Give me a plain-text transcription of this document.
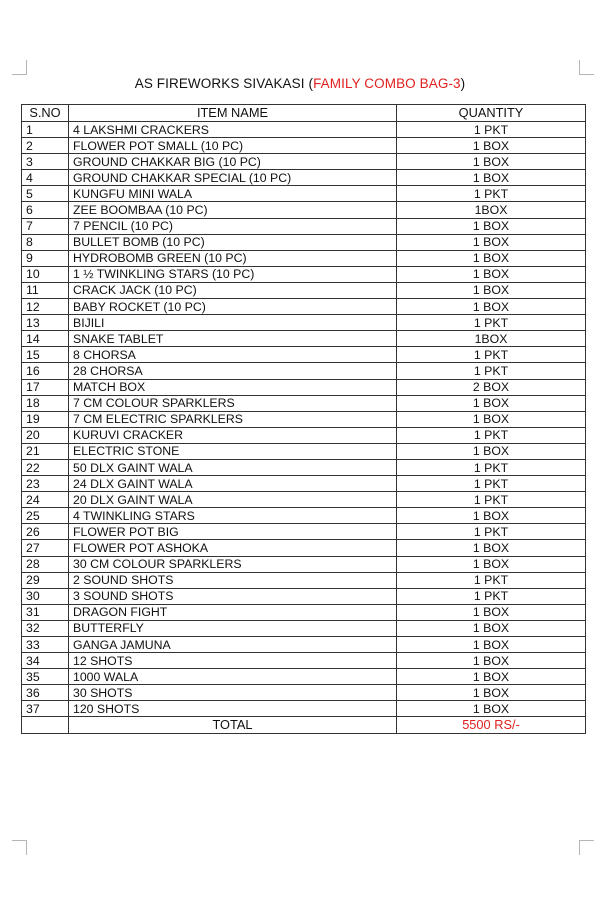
AS FIREWORKS SIVAKASI (FAMILY COMBO BAG-3)
S.NO	ITEM NAME	QUANTITY
1	4 LAKSHMI CRACKERS	1 PKT
2	FLOWER POT SMALL (10 PC)	1 BOX
3	GROUND CHAKKAR BIG (10 PC)	1 BOX
4	GROUND CHAKKAR SPECIAL (10 PC)	1 BOX
5	KUNGFU MINI WALA	1 PKT
6	ZEE BOOMBAA (10 PC)	1BOX
7	7 PENCIL (10 PC)	1 BOX
8	BULLET BOMB (10 PC)	1 BOX
9	HYDROBOMB GREEN (10 PC)	1 BOX
10	1 ½ TWINKLING STARS (10 PC)	1 BOX
11	CRACK JACK (10 PC)	1 BOX
12	BABY ROCKET (10 PC)	1 BOX
13	BIJILI	1 PKT
14	SNAKE TABLET	1BOX
15	8 CHORSA	1 PKT
16	28 CHORSA	1 PKT
17	MATCH BOX	2 BOX
18	7 CM COLOUR SPARKLERS	1 BOX
19	7 CM ELECTRIC SPARKLERS	1 BOX
20	KURUVI CRACKER	1 PKT
21	ELECTRIC STONE	1 BOX
22	50 DLX GAINT WALA	1 PKT
23	24 DLX GAINT WALA	1 PKT
24	20 DLX GAINT WALA	1 PKT
25	4 TWINKLING STARS	1 BOX
26	FLOWER POT BIG	1 PKT
27	FLOWER POT ASHOKA	1 BOX
28	30 CM COLOUR SPARKLERS	1 BOX
29	2 SOUND SHOTS	1 PKT
30	3 SOUND SHOTS	1 PKT
31	DRAGON FIGHT	1 BOX
32	BUTTERFLY	1 BOX
33	GANGA JAMUNA	1 BOX
34	12 SHOTS	1 BOX
35	1000 WALA	1 BOX
36	30 SHOTS	1 BOX
37	120 SHOTS	1 BOX
	TOTAL	5500 RS/-
